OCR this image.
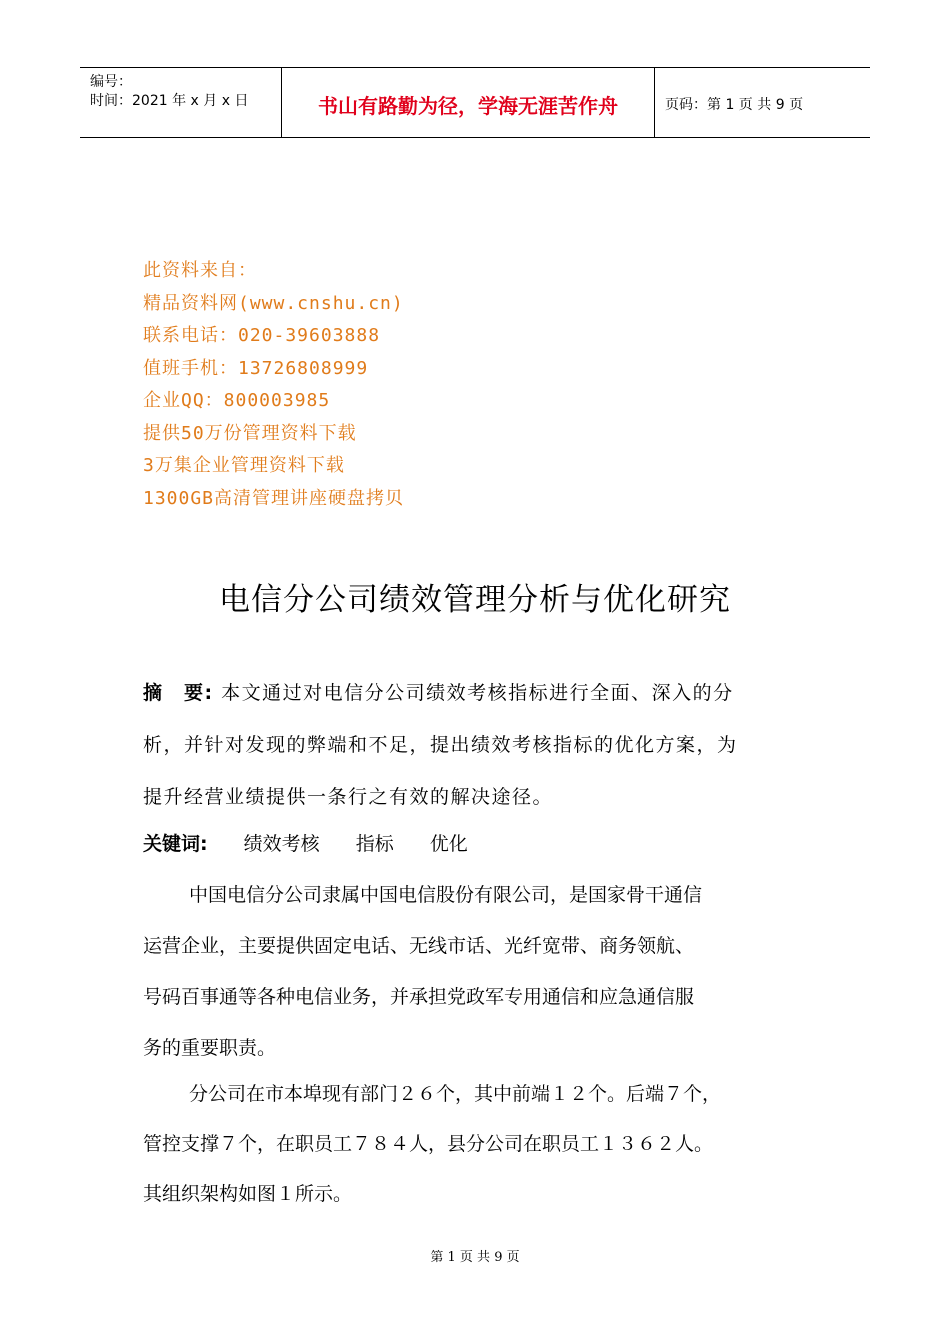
编号：
时间：2021 年 x 月 x 日	书山有路勤为径，学海无涯苦作舟	页码：第 1 页 共 9 页
此资料来自：
精品资料网(www.cnshu.cn)
联系电话：020-39603888
值班手机：13726808999
企业QQ：800003985
提供50万份管理资料下载
3万集企业管理资料下载
1300GB高清管理讲座硬盘拷贝
电信分公司绩效管理分析与优化研究
摘　要: 本文通过对电信分公司绩效考核指标进行全面、深入的分
析，并针对发现的弊端和不足，提出绩效考核指标的优化方案，为
提升经营业绩提供一条行之有效的解决途径。
关键词: 绩效考核 指标 优化
中国电信分公司隶属中国电信股份有限公司，是国家骨干通信
运营企业，主要提供固定电话、无线市话、光纤宽带、商务领航、
号码百事通等各种电信业务，并承担党政军专用通信和应急通信服
务的重要职责。
分公司在市本埠现有部门２６个，其中前端１２个。后端７个，
管控支撑７个，在职员工７８４人，县分公司在职员工１３６２人。
其组织架构如图１所示。
第 1 页 共 9 页
